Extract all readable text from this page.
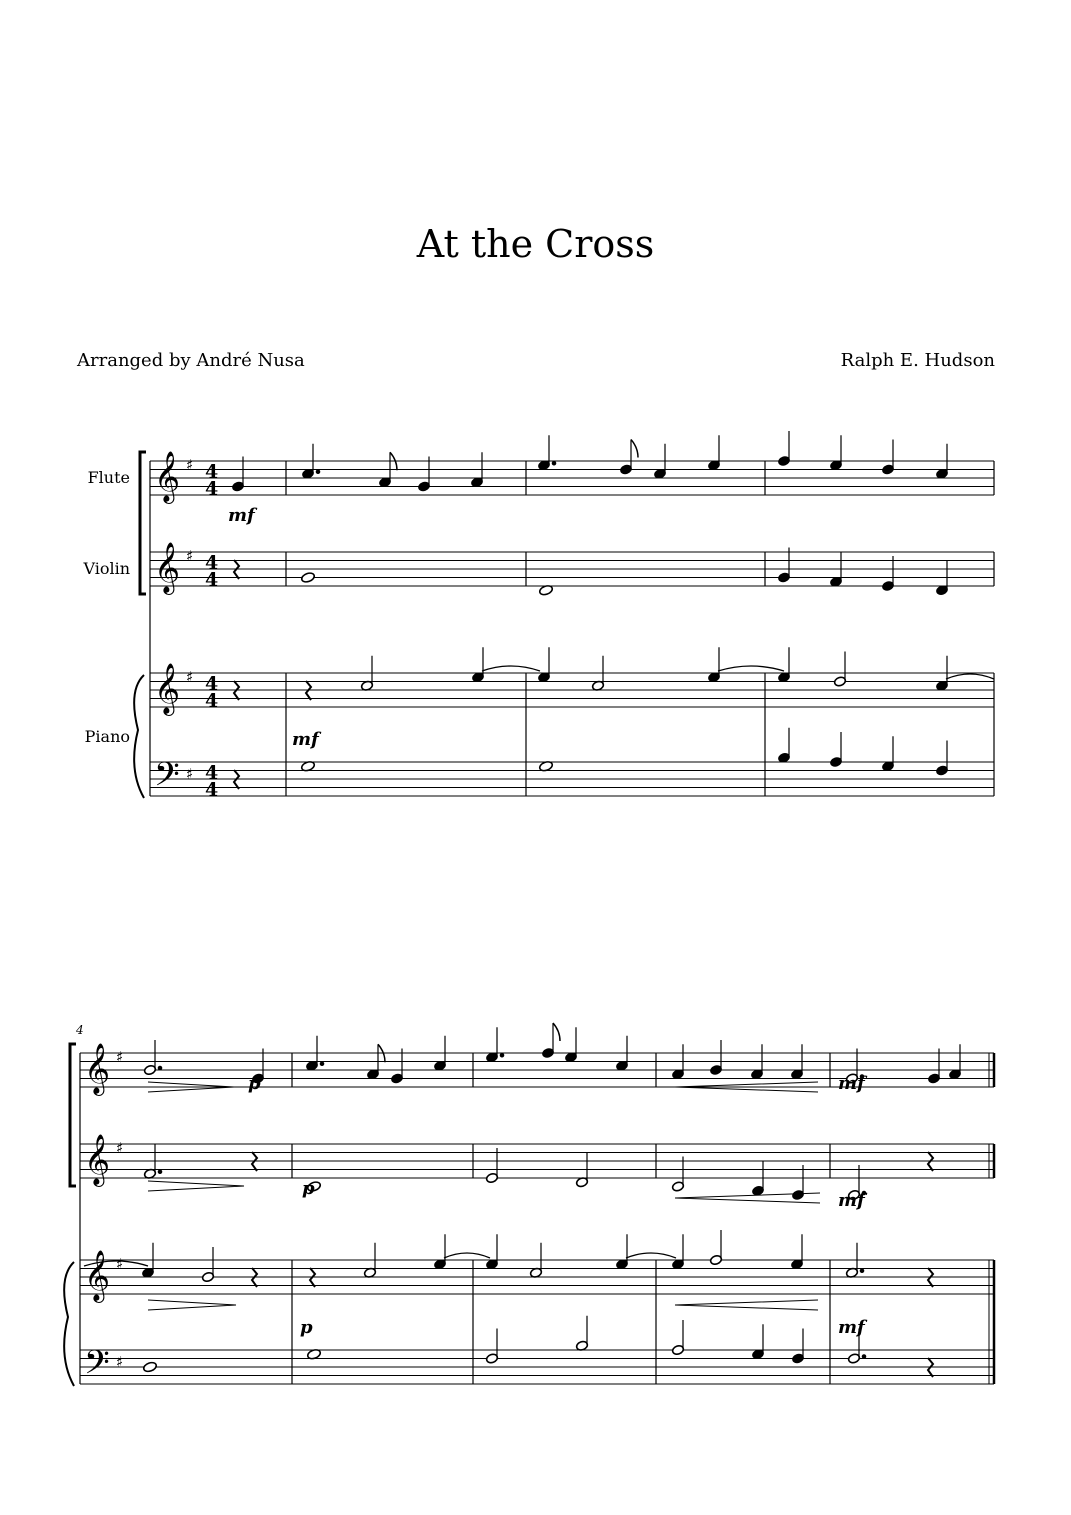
At the Cross
Arranged by André Nusa	Ralph E. Hudson
Flute
Violin
Piano
𝄞 ♯ 4
4
𝄞 ♯ 4
4
𝄞 ♯ 4
4
𝄢 ♯ 4
4
mf
mf
𝄞 ♯
𝄞 ♯
𝄞 ♯
𝄢 ♯
p	mf
p
mf
p	mf
4
